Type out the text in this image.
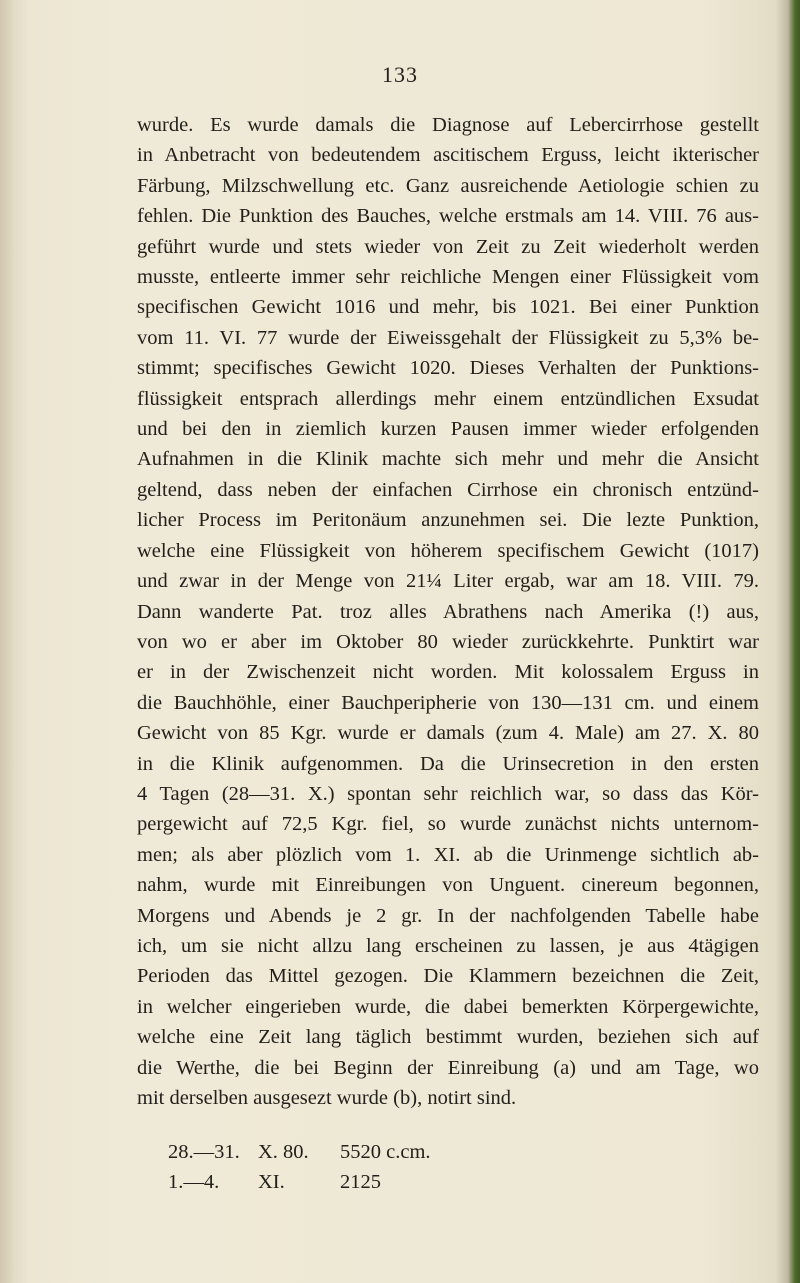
133
wurde. Es wurde damals die Diagnose auf Lebercirrhose gestellt
in Anbetracht von bedeutendem ascitischem Erguss, leicht ikterischer
Färbung, Milzschwellung etc. Ganz ausreichende Aetiologie schien zu
fehlen. Die Punktion des Bauches, welche erstmals am 14. VIII. 76 aus-
geführt wurde und stets wieder von Zeit zu Zeit wiederholt werden
musste, entleerte immer sehr reichliche Mengen einer Flüssigkeit vom
specifischen Gewicht 1016 und mehr, bis 1021. Bei einer Punktion
vom 11. VI. 77 wurde der Eiweissgehalt der Flüssigkeit zu 5,3% be-
stimmt; specifisches Gewicht 1020. Dieses Verhalten der Punktions-
flüssigkeit entsprach allerdings mehr einem entzündlichen Exsudat
und bei den in ziemlich kurzen Pausen immer wieder erfolgenden
Aufnahmen in die Klinik machte sich mehr und mehr die Ansicht
geltend, dass neben der einfachen Cirrhose ein chronisch entzünd-
licher Process im Peritonäum anzunehmen sei. Die lezte Punktion,
welche eine Flüssigkeit von höherem specifischem Gewicht (1017)
und zwar in der Menge von 21¼ Liter ergab, war am 18. VIII. 79.
Dann wanderte Pat. troz alles Abrathens nach Amerika (!) aus,
von wo er aber im Oktober 80 wieder zurückkehrte. Punktirt war
er in der Zwischenzeit nicht worden. Mit kolossalem Erguss in
die Bauchhöhle, einer Bauchperipherie von 130—131 cm. und einem
Gewicht von 85 Kgr. wurde er damals (zum 4. Male) am 27. X. 80
in die Klinik aufgenommen. Da die Urinsecretion in den ersten
4 Tagen (28—31. X.) spontan sehr reichlich war, so dass das Kör-
pergewicht auf 72,5 Kgr. fiel, so wurde zunächst nichts unternom-
men; als aber plözlich vom 1. XI. ab die Urinmenge sichtlich ab-
nahm, wurde mit Einreibungen von Unguent. cinereum begonnen,
Morgens und Abends je 2 gr. In der nachfolgenden Tabelle habe
ich, um sie nicht allzu lang erscheinen zu lassen, je aus 4tägigen
Perioden das Mittel gezogen. Die Klammern bezeichnen die Zeit,
in welcher eingerieben wurde, die dabei bemerkten Körpergewichte,
welche eine Zeit lang täglich bestimmt wurden, beziehen sich auf
die Werthe, die bei Beginn der Einreibung (a) und am Tage, wo
mit derselben ausgesezt wurde (b), notirt sind.
28.—31. X. 80. 5520 c.cm.
1.—4. XI.	2125
